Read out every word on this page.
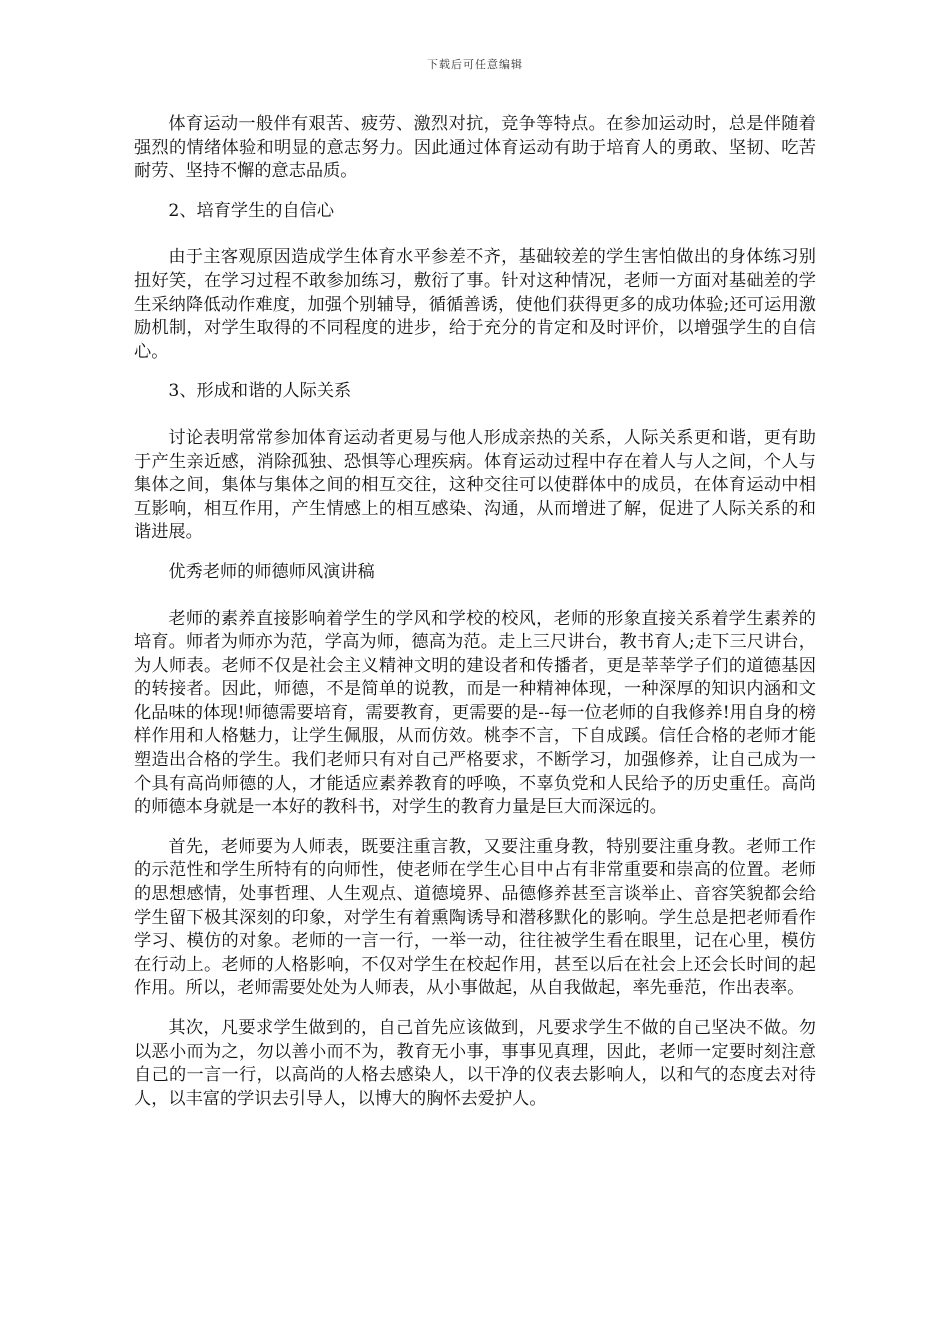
下载后可任意编辑

体育运动一般伴有艰苦、疲劳、激烈对抗，竞争等特点。在参加运动时，总是伴随着强烈的情绪体验和明显的意志努力。因此通过体育运动有助于培育人的勇敢、坚韧、吃苦耐劳、坚持不懈的意志品质。

2、培育学生的自信心

由于主客观原因造成学生体育水平参差不齐，基础较差的学生害怕做出的身体练习别扭好笑，在学习过程不敢参加练习，敷衍了事。针对这种情况，老师一方面对基础差的学生采纳降低动作难度，加强个别辅导，循循善诱，使他们获得更多的成功体验;还可运用激励机制，对学生取得的不同程度的进步，给于充分的肯定和及时评价，以增强学生的自信心。

3、形成和谐的人际关系

讨论表明常常参加体育运动者更易与他人形成亲热的关系，人际关系更和谐，更有助于产生亲近感，消除孤独、恐惧等心理疾病。体育运动过程中存在着人与人之间，个人与集体之间，集体与集体之间的相互交往，这种交往可以使群体中的成员，在体育运动中相互影响，相互作用，产生情感上的相互感染、沟通，从而增进了解，促进了人际关系的和谐进展。

优秀老师的师德师风演讲稿

老师的素养直接影响着学生的学风和学校的校风，老师的形象直接关系着学生素养的培育。师者为师亦为范，学高为师，德高为范。走上三尺讲台，教书育人;走下三尺讲台，为人师表。老师不仅是社会主义精神文明的建设者和传播者，更是莘莘学子们的道德基因的转接者。因此，师德，不是简单的说教，而是一种精神体现，一种深厚的知识内涵和文化品味的体现!师德需要培育，需要教育，更需要的是--每一位老师的自我修养!用自身的榜样作用和人格魅力，让学生佩服，从而仿效。桃李不言，下自成蹊。信任合格的老师才能塑造出合格的学生。我们老师只有对自己严格要求，不断学习，加强修养，让自己成为一个具有高尚师德的人，才能适应素养教育的呼唤，不辜负党和人民给予的历史重任。高尚的师德本身就是一本好的教科书，对学生的教育力量是巨大而深远的。

首先，老师要为人师表，既要注重言教，又要注重身教，特别要注重身教。老师工作的示范性和学生所特有的向师性，使老师在学生心目中占有非常重要和崇高的位置。老师的思想感情，处事哲理、人生观点、道德境界、品德修养甚至言谈举止、音容笑貌都会给学生留下极其深刻的印象，对学生有着熏陶诱导和潜移默化的影响。学生总是把老师看作学习、模仿的对象。老师的一言一行，一举一动，往往被学生看在眼里，记在心里，模仿在行动上。老师的人格影响，不仅对学生在校起作用，甚至以后在社会上还会长时间的起作用。所以，老师需要处处为人师表，从小事做起，从自我做起，率先垂范，作出表率。

其次，凡要求学生做到的，自己首先应该做到，凡要求学生不做的自己坚决不做。勿以恶小而为之，勿以善小而不为，教育无小事，事事见真理，因此，老师一定要时刻注意自己的一言一行，以高尚的人格去感染人，以干净的仪表去影响人，以和气的态度去对待人，以丰富的学识去引导人，以博大的胸怀去爱护人。
